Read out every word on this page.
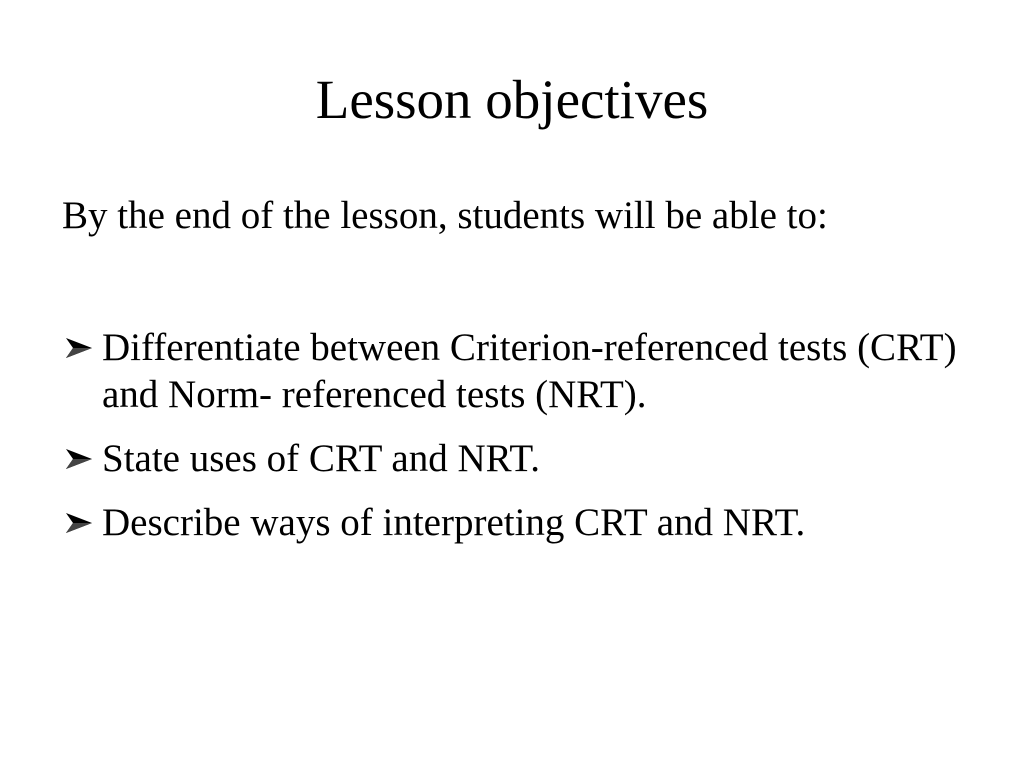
Lesson objectives

By the end of the lesson, students will be able to:

Differentiate between Criterion-referenced tests (CRT) and Norm- referenced tests (NRT).
State uses of CRT and NRT.
Describe ways of interpreting CRT and NRT.
